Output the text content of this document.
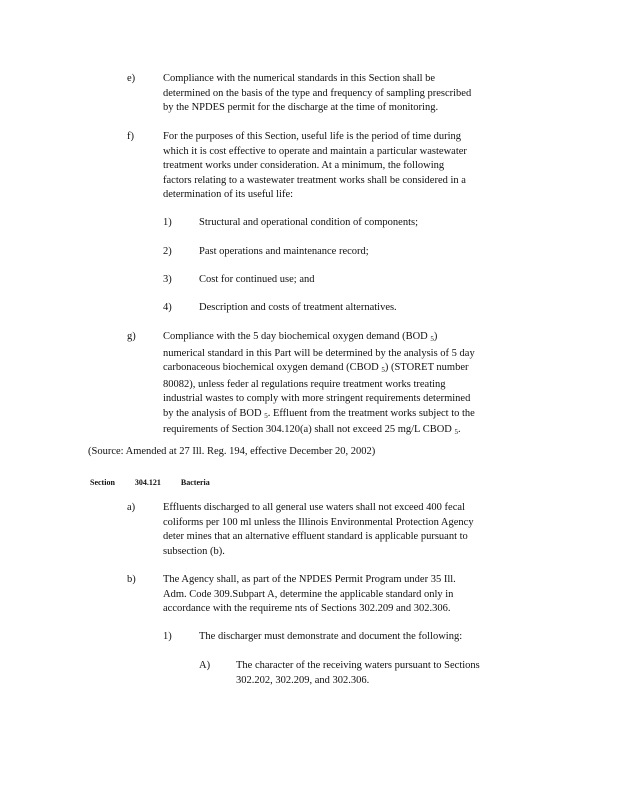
e)	Compliance with the numerical standards in this Section shall be
determined on the basis of the type and frequency of sampling prescribed
by the NPDES permit for the discharge at the time of monitoring.
f)	For the purposes of this Section, useful life is the period of time during
which it is cost effective to operate and maintain a particular wastewater
treatment works under consideration. At a minimum, the following
factors relating to a wastewater treatment works shall be considered in a
determination of its useful life:
1)	Structural and operational condition of components;
2)	Past operations and maintenance record;
3)	Cost for continued use; and
4)	Description and costs of treatment alternatives.
g)	Compliance with the 5 day biochemical oxygen demand (BOD $_5$)
numerical standard in this Part will be determined by the analysis of 5 day
carbonaceous biochemical oxygen demand (CBOD $_5$) (STORET number
80082), unless feder al regulations require treatment works treating
industrial wastes to comply with more stringent requirements determined
by the analysis of BOD $_5$. Effluent from the treatment works subject to the
requirements of Section 304.120(a) shall not exceed 25 mg/L CBOD $_5$.
(Source: Amended at 27 Ill. Reg. 194, effective December 20, 2002)
Section	304.121	Bacteria
a)	Effluents discharged to all general use waters shall not exceed 400 fecal
coliforms per 100 ml unless the Illinois Environmental Protection Agency
deter mines that an alternative effluent standard is applicable pursuant to
subsection (b).
b)	The Agency shall, as part of the NPDES Permit Program under 35 Ill.
Adm. Code 309.Subpart A, determine the applicable standard only in
accordance with the requireme nts of Sections 302.209 and 302.306.
1)	The discharger must demonstrate and document the following:
A) The character of the receiving waters pursuant to Sections
302.202, 302.209, and 302.306.
